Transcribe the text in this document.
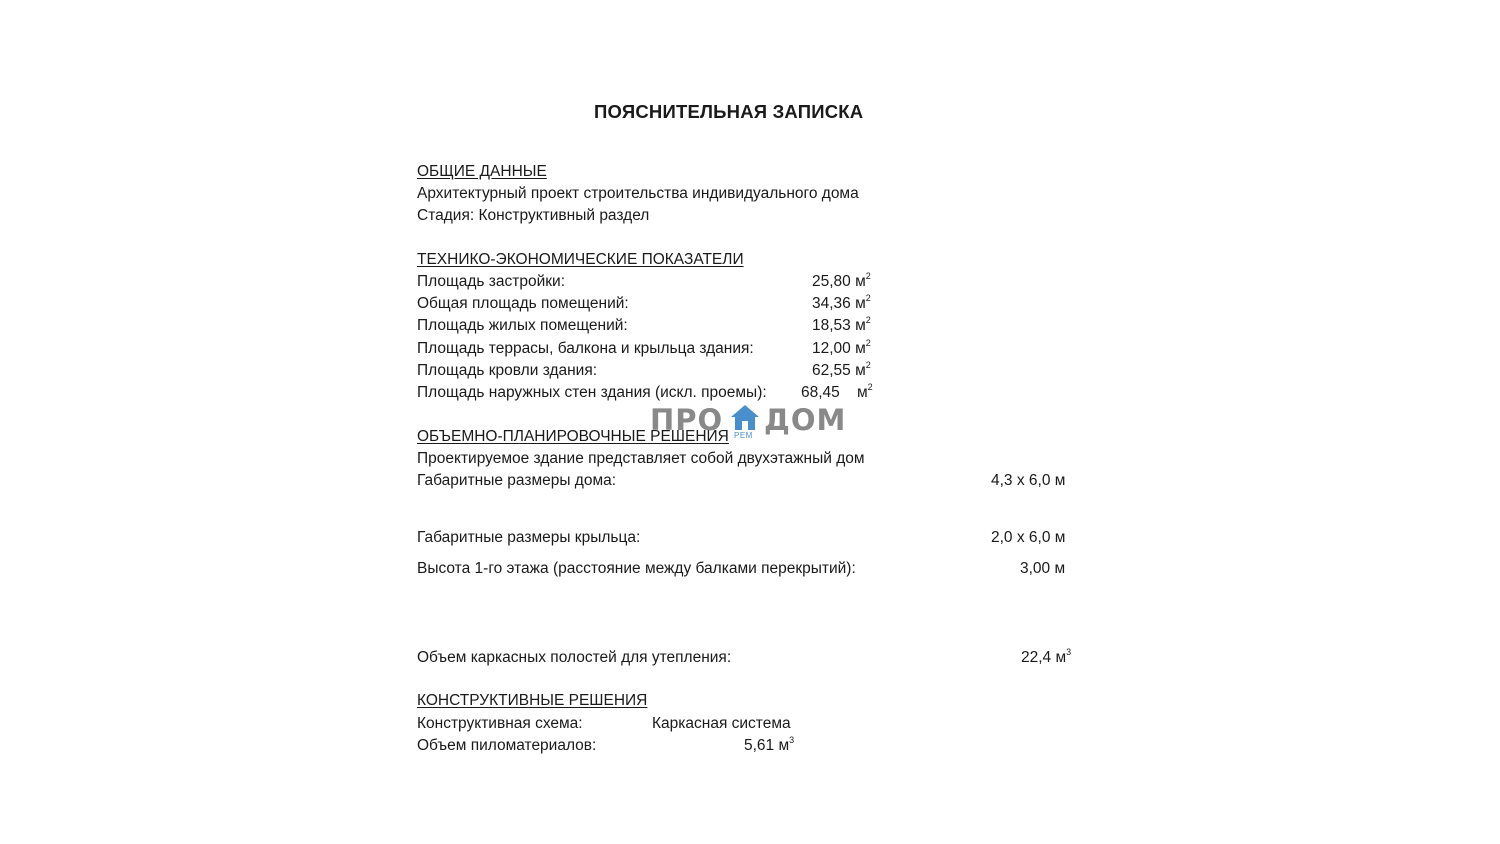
ПОЯСНИТЕЛЬНАЯ ЗАПИСКА
ОБЩИЕ ДАННЫЕ
Архитектурный проект строительства индивидуального дома
Стадия: Конструктивный раздел
ТЕХНИКО-ЭКОНОМИЧЕСКИЕ ПОКАЗАТЕЛИ
Площадь застройки:	25,80 $м^2$
Общая площадь помещений:	34,36 $м^2$
Площадь жилых помещений:	18,53 $м^2$
Площадь террасы, балкона и крыльца здания:	12,00 $м^2$
Площадь кровли здания:	62,55 $м^2$
Площадь наружных стен здания (искл. проемы): 68,45    $м^2$
ОБЪЕМНО-ПЛАНИРОВОЧНЫЕ РЕШЕНИЯ
ПРО РЕМ ДОМ
Проектируемое здание представляет собой двухэтажный дом
Габаритные размеры дома:	4,3 х 6,0 м
Габаритные размеры крыльца:	2,0 х 6,0 м
Высота 1-го этажа (расстояние между балками перекрытий):	3,00 м
Объем каркасных полостей для утепления:	22,4 $м^3$
КОНСТРУКТИВНЫЕ РЕШЕНИЯ
Конструктивная схема:	Каркасная система
Объем пиломатериалов:	5,61 $м^3$
